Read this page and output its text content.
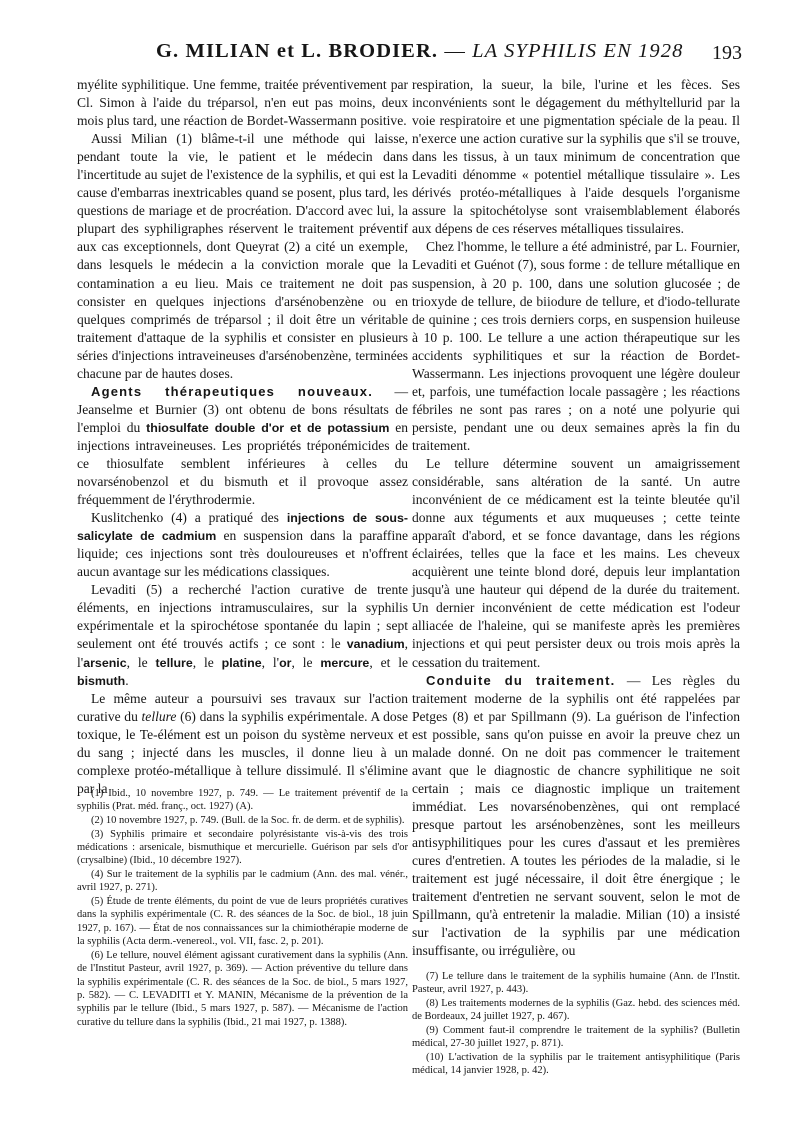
G. MILIAN et L. BRODIER. — LA SYPHILIS EN 1928 193

myélite syphilitique. Une femme, traitée préventivement par Cl. Simon à l'aide du tréparsol, n'en eut pas moins, deux mois plus tard, une réaction de Bordet-Wassermann positive.

Aussi Milian (1) blâme-t-il une méthode qui laisse, pendant toute la vie, le patient et le médecin dans l'incertitude au sujet de l'existence de la syphilis, et qui est la cause d'embarras inextricables quand se posent, plus tard, les questions de mariage et de procréation. D'accord avec lui, la plupart des syphiligraphes réservent le traitement préventif aux cas exceptionnels, dont Queyrat (2) a cité un exemple, dans lesquels le médecin a la conviction morale que la contamination a eu lieu. Mais ce traitement ne doit pas consister en quelques injections d'arsénobenzène ou en quelques comprimés de tréparsol ; il doit être un véritable traitement d'attaque de la syphilis et consister en plusieurs séries d'injections intraveineuses d'arsénobenzène, terminées chacune par de hautes doses.

Agents thérapeutiques nouveaux. — Jeanselme et Burnier (3) ont obtenu de bons résultats de l'emploi du thiosulfate double d'or et de potassium en injections intraveineuses. Les propriétés tréponémicides de ce thiosulfate semblent inférieures à celles du novarsénobenzol et du bismuth et il provoque assez fréquemment de l'érythrodermie.

Kuslitchenko (4) a pratiqué des injections de sous-salicylate de cadmium en suspension dans la paraffine liquide; ces injections sont très douloureuses et n'offrent aucun avantage sur les médications classiques.

Levaditi (5) a recherché l'action curative de trente éléments, en injections intramusculaires, sur la syphilis expérimentale et la spirochétose spontanée du lapin ; sept seulement ont été trouvés actifs ; ce sont : le vanadium, l'arsenic, le tellure, le platine, l'or, le mercure, et le bismuth.

Le même auteur a poursuivi ses travaux sur l'action curative du tellure (6) dans la syphilis expérimentale. A dose toxique, le Te-élément est un poison du système nerveux et du sang ; injecté dans les muscles, il donne lieu à un complexe protéo-métallique à tellure dissimulé. Il s'élimine par la

(1) Ibid., 10 novembre 1927, p. 749. — Le traitement préventif de la syphilis (Prat. méd. franç., oct. 1927) (A).

(2) 10 novembre 1927, p. 749. (Bull. de la Soc. fr. de derm. et de syphilis).

(3) Syphilis primaire et secondaire polyrésistante vis-à-vis des trois médications : arsenicale, bismuthique et mercurielle. Guérison par sels d'or (crysalbine) (Ibid., 10 décembre 1927).

(4) Sur le traitement de la syphilis par le cadmium (Ann. des mal. vénér., avril 1927, p. 271).

(5) Étude de trente éléments, du point de vue de leurs propriétés curatives dans la syphilis expérimentale (C. R. des séances de la Soc. de biol., 18 juin 1927, p. 167). — État de nos connaissances sur la chimiothérapie moderne de la syphilis (Acta derm.-venereol., vol. VII, fasc. 2, p. 201).

(6) Le tellure, nouvel élément agissant curativement dans la syphilis (Ann. de l'Institut Pasteur, avril 1927, p. 369). — Action préventive du tellure dans la syphilis expérimentale (C. R. des séances de la Soc. de biol., 5 mars 1927, p. 582). — C. LEVADITI et Y. MANIN, Mécanisme de la prévention de la syphilis par le tellure (Ibid., 5 mars 1927, p. 587). — Mécanisme de l'action curative du tellure dans la syphilis (Ibid., 21 mai 1927, p. 1388).

respiration, la sueur, la bile, l'urine et les fèces. Ses inconvénients sont le dégagement du méthyltellurid par la voie respiratoire et une pigmentation spéciale de la peau. Il n'exerce une action curative sur la syphilis que s'il se trouve, dans les tissus, à un taux minimum de concentration que Levaditi dénomme « potentiel métallique tissulaire ». Les dérivés protéo-métalliques à l'aide desquels l'organisme assure la spitochétolyse sont vraisemblablement élaborés aux dépens de ces réserves métalliques tissulaires.

Chez l'homme, le tellure a été administré, par L. Fournier, Levaditi et Guénot (7), sous forme : de tellure métallique en suspension, à 20 p. 100, dans une solution glucosée ; de trioxyde de tellure, de biiodure de tellure, et d'iodo-tellurate de quinine ; ces trois derniers corps, en suspension huileuse à 10 p. 100. Le tellure a une action thérapeutique sur les accidents syphilitiques et sur la réaction de Bordet-Wassermann. Les injections provoquent une légère douleur et, parfois, une tuméfaction locale passagère ; les réactions fébriles ne sont pas rares ; on a noté une polyurie qui persiste, pendant une ou deux semaines après la fin du traitement.

Le tellure détermine souvent un amaigrissement considérable, sans altération de la santé. Un autre inconvénient de ce médicament est la teinte bleutée qu'il donne aux téguments et aux muqueuses ; cette teinte apparaît d'abord, et se fonce davantage, dans les régions éclairées, telles que la face et les mains. Les cheveux acquièrent une teinte blond doré, depuis leur implantation jusqu'à une hauteur qui dépend de la durée du traitement. Un dernier inconvénient de cette médication est l'odeur alliacée de l'haleine, qui se manifeste après les premières injections et qui peut persister deux ou trois mois après la cessation du traitement.

Conduite du traitement. — Les règles du traitement moderne de la syphilis ont été rappelées par Petges (8) et par Spillmann (9). La guérison de l'infection est possible, sans qu'on puisse en avoir la preuve chez un malade donné. On ne doit pas commencer le traitement avant que le diagnostic de chancre syphilitique ne soit certain ; mais ce diagnostic implique un traitement immédiat. Les novarsénobenzènes, qui ont remplacé presque partout les arsénobenzènes, sont les meilleurs antisyphilitiques pour les cures d'assaut et les premières cures d'entretien. A toutes les périodes de la maladie, si le traitement est jugé nécessaire, il doit être énergique ; le traitement d'entretien ne servant souvent, selon le mot de Spillmann, qu'à entretenir la maladie. Milian (10) a insisté sur l'activation de la syphilis par une médication insuffisante, ou irrégulière, ou

(7) Le tellure dans le traitement de la syphilis humaine (Ann. de l'Instit. Pasteur, avril 1927, p. 443).

(8) Les traitements modernes de la syphilis (Gaz. hebd. des sciences méd. de Bordeaux, 24 juillet 1927, p. 467).

(9) Comment faut-il comprendre le traitement de la syphilis? (Bulletin médical, 27-30 juillet 1927, p. 871).

(10) L'activation de la syphilis par le traitement antisyphilitique (Paris médical, 14 janvier 1928, p. 42).
